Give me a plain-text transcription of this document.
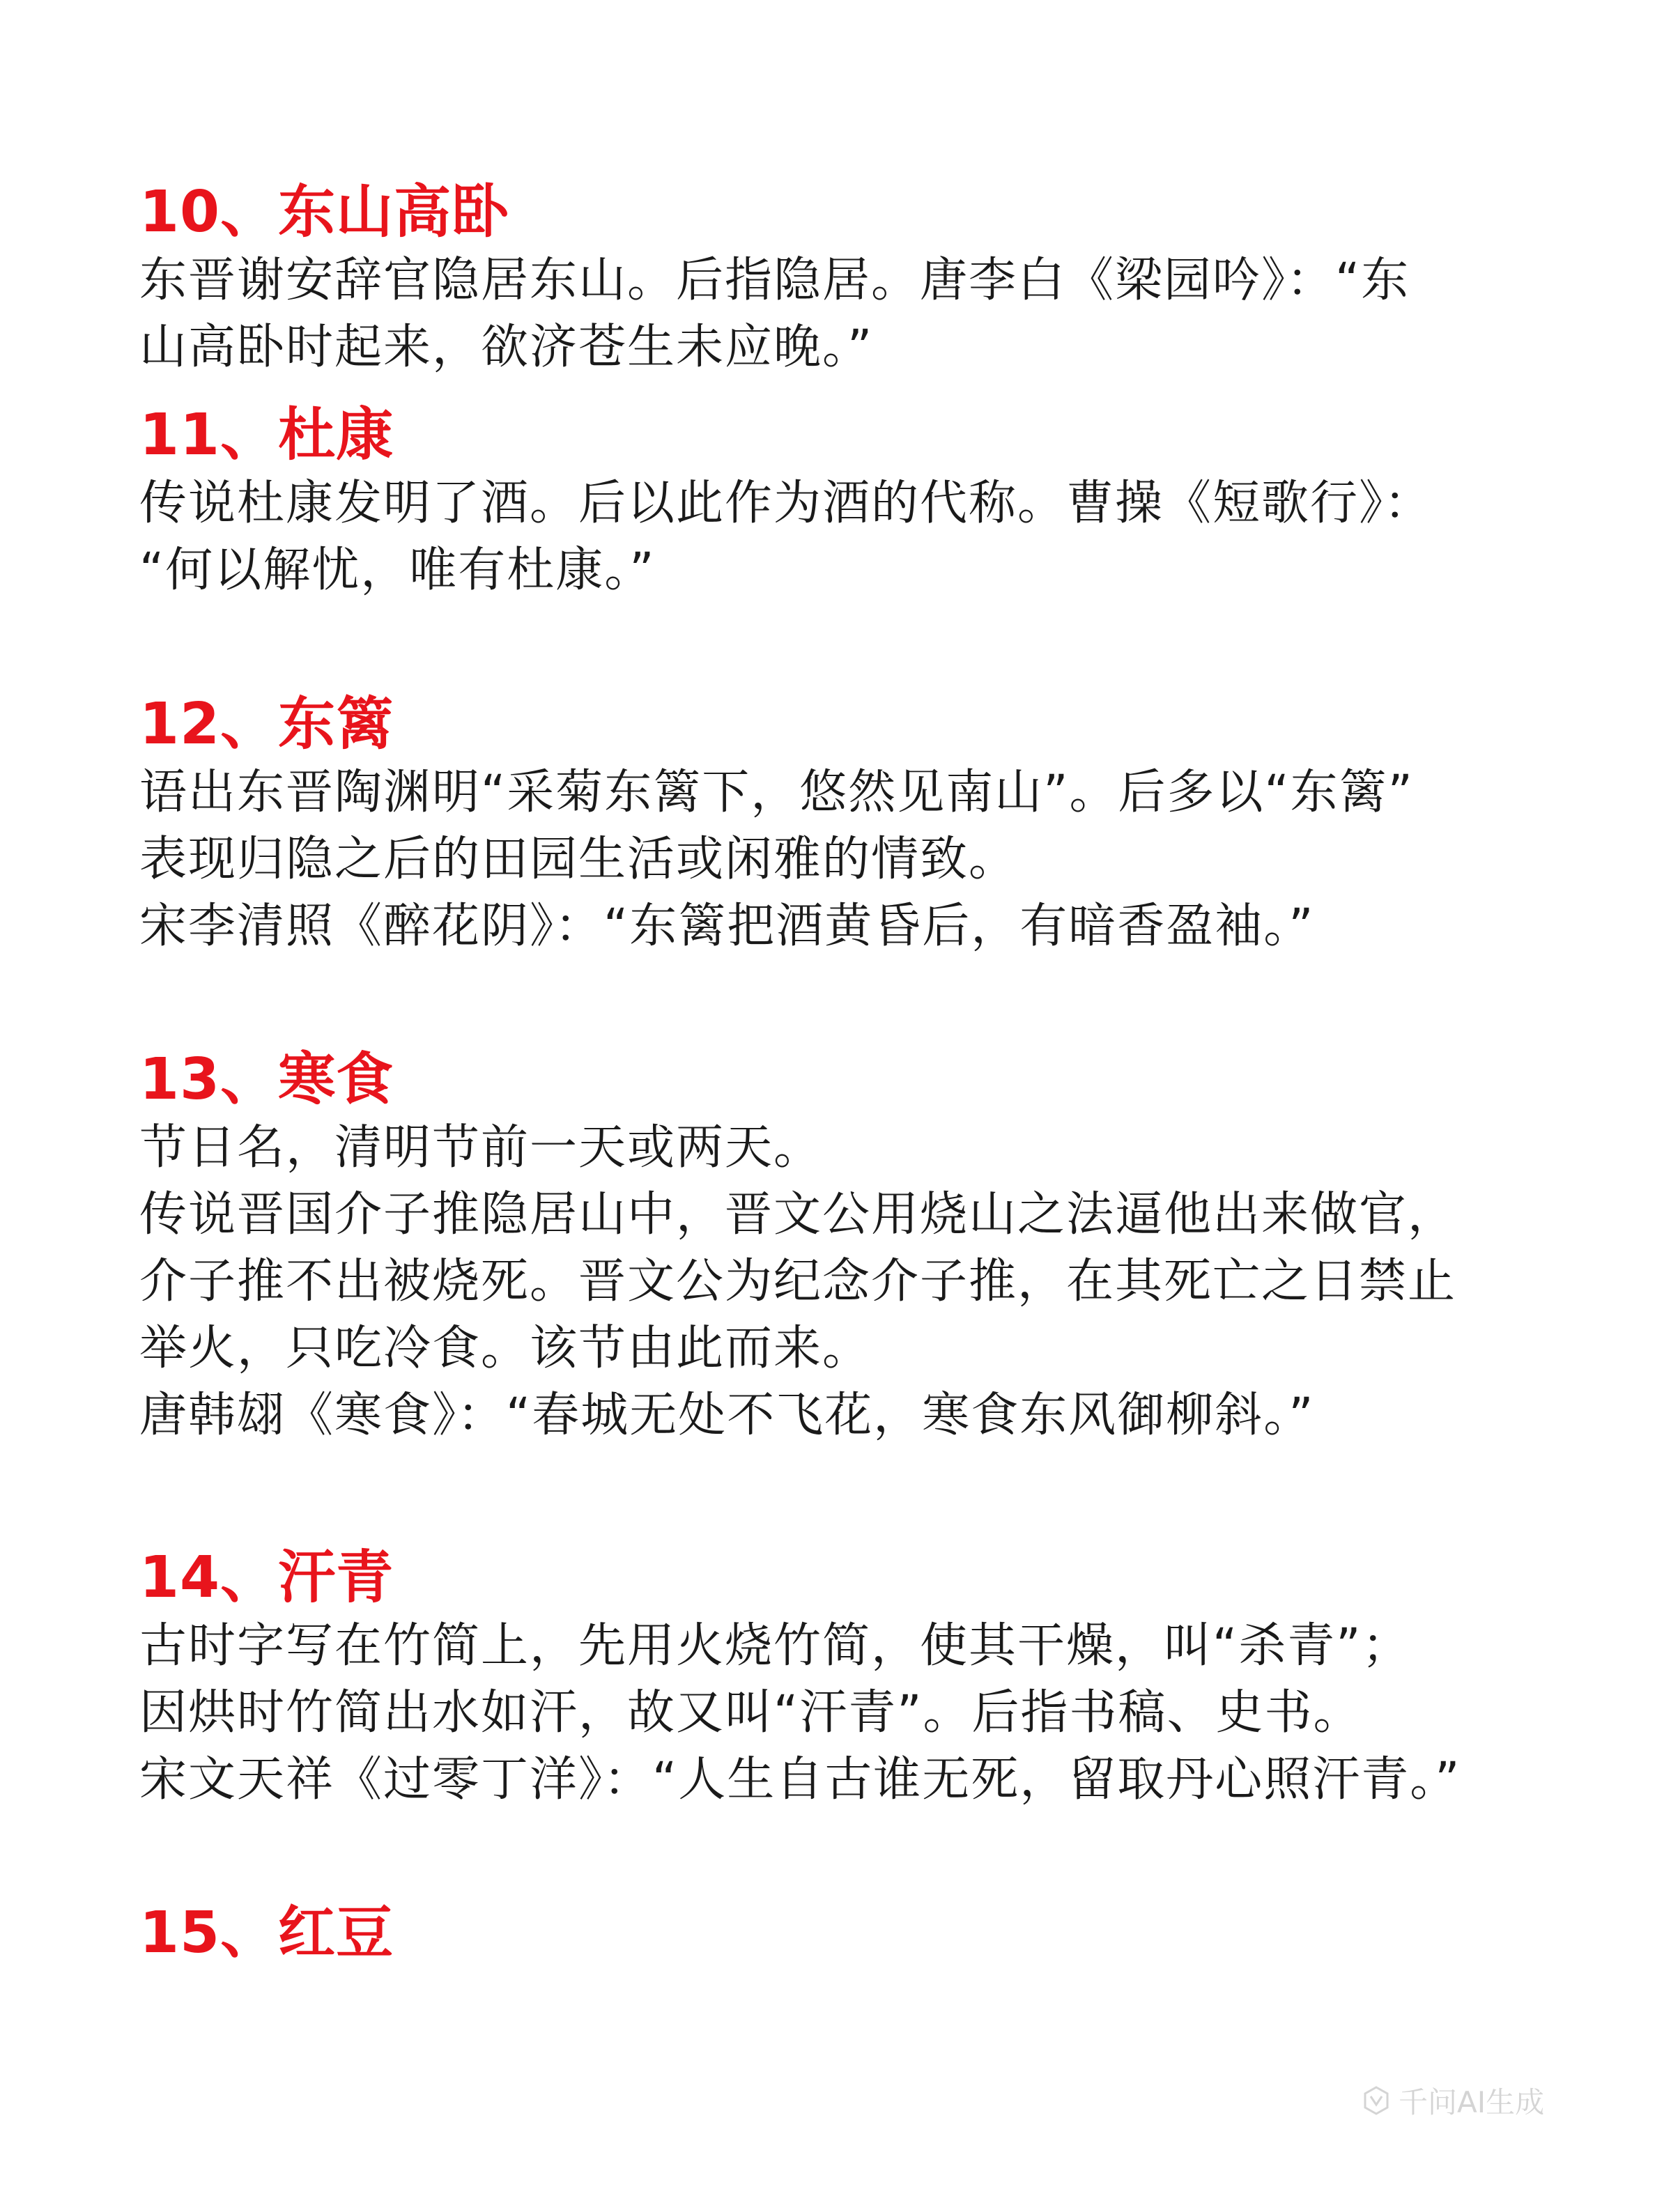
10、东山高卧
东晋谢安辞官隐居东山。后指隐居。唐李白《梁园吟》：“东
山高卧时起来，欲济苍生未应晚。”
11、杜康
传说杜康发明了酒。后以此作为酒的代称。曹操《短歌行》：
“何以解忧，唯有杜康。”
12、东篱
语出东晋陶渊明“采菊东篱下，悠然见南山”。后多以“东篱”
表现归隐之后的田园生活或闲雅的情致。
宋李清照《醉花阴》：“东篱把酒黄昏后，有暗香盈袖。”
13、寒食
节日名，清明节前一天或两天。
传说晋国介子推隐居山中，晋文公用烧山之法逼他出来做官，
介子推不出被烧死。晋文公为纪念介子推，在其死亡之日禁止
举火，只吃冷食。该节由此而来。
唐韩翃《寒食》：“春城无处不飞花，寒食东风御柳斜。”
14、汗青
古时字写在竹简上，先用火烧竹简，使其干燥，叫“杀青”；
因烘时竹简出水如汗，故又叫“汗青”。后指书稿、史书。
宋文天祥《过零丁洋》：“人生自古谁无死，留取丹心照汗青。”
15、红豆
千问AI生成
